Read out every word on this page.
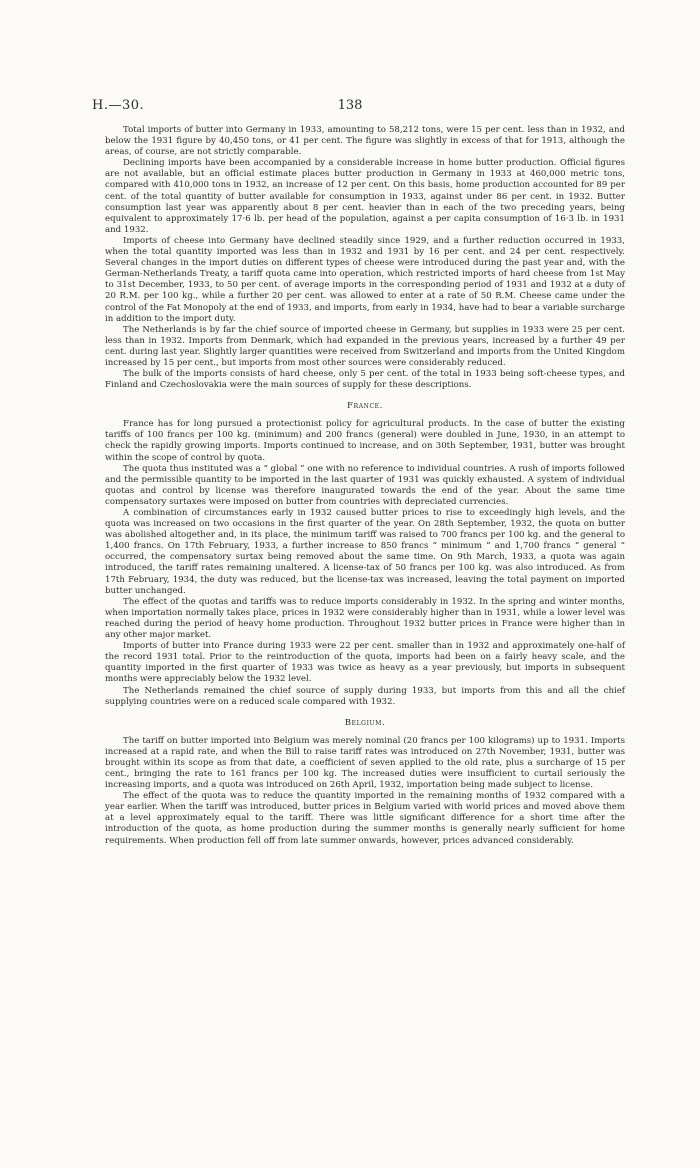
H.—30.	138

Total imports of butter into Germany in 1933, amounting to 58,212 tons, were 15 per cent. less than in 1932, and below the 1931 figure by 40,450 tons, or 41 per cent. The figure was slightly in excess of that for 1913, although the areas, of course, are not strictly comparable.

Declining imports have been accompanied by a considerable increase in home butter production. Official figures are not available, but an official estimate places butter production in Germany in 1933 at 460,000 metric tons, compared with 410,000 tons in 1932, an increase of 12 per cent. On this basis, home production accounted for 89 per cent. of the total quantity of butter available for consumption in 1933, against under 86 per cent. in 1932. Butter consumption last year was apparently about 8 per cent. heavier than in each of the two preceding years, being equivalent to approximately 17·6 lb. per head of the population, against a per capita consumption of 16·3 lb. in 1931 and 1932.

Imports of cheese into Germany have declined steadily since 1929, and a further reduction occurred in 1933, when the total quantity imported was less than in 1932 and 1931 by 16 per cent. and 24 per cent. respectively. Several changes in the import duties on different types of cheese were introduced during the past year and, with the German-Netherlands Treaty, a tariff quota came into operation, which restricted imports of hard cheese from 1st May to 31st December, 1933, to 50 per cent. of average imports in the corresponding period of 1931 and 1932 at a duty of 20 R.M. per 100 kg., while a further 20 per cent. was allowed to enter at a rate of 50 R.M. Cheese came under the control of the Fat Monopoly at the end of 1933, and imports, from early in 1934, have had to bear a variable surcharge in addition to the import duty.

The Netherlands is by far the chief source of imported cheese in Germany, but supplies in 1933 were 25 per cent. less than in 1932. Imports from Denmark, which had expanded in the previous years, increased by a further 49 per cent. during last year. Slightly larger quantities were received from Switzerland and imports from the United Kingdom increased by 15 per cent., but imports from most other sources were considerably reduced.

The bulk of the imports consists of hard cheese, only 5 per cent. of the total in 1933 being soft-cheese types, and Finland and Czechoslovakia were the main sources of supply for these descriptions.

France.

France has for long pursued a protectionist policy for agricultural products. In the case of butter the existing tariffs of 100 francs per 100 kg. (minimum) and 200 francs (general) were doubled in June, 1930, in an attempt to check the rapidly growing imports. Imports continued to increase, and on 30th September, 1931, butter was brought within the scope of control by quota.

The quota thus instituted was a “ global ” one with no reference to individual countries. A rush of imports followed and the permissible quantity to be imported in the last quarter of 1931 was quickly exhausted. A system of individual quotas and control by license was therefore inaugurated towards the end of the year. About the same time compensatory surtaxes were imposed on butter from countries with depreciated currencies.

A combination of circumstances early in 1932 caused butter prices to rise to exceedingly high levels, and the quota was increased on two occasions in the first quarter of the year. On 28th September, 1932, the quota on butter was abolished altogether and, in its place, the minimum tariff was raised to 700 francs per 100 kg. and the general to 1,400 francs. On 17th February, 1933, a further increase to 850 francs “ minimum ” and 1,700 francs “ general ” occurred, the compensatory surtax being removed about the same time. On 9th March, 1933, a quota was again introduced, the tariff rates remaining unaltered. A license-tax of 50 francs per 100 kg. was also introduced. As from 17th February, 1934, the duty was reduced, but the license-tax was increased, leaving the total payment on imported butter unchanged.

The effect of the quotas and tariffs was to reduce imports considerably in 1932. In the spring and winter months, when importation normally takes place, prices in 1932 were considerably higher than in 1931, while a lower level was reached during the period of heavy home production. Throughout 1932 butter prices in France were higher than in any other major market.

Imports of butter into France during 1933 were 22 per cent. smaller than in 1932 and approximately one-half of the record 1931 total. Prior to the reintroduction of the quota, imports had been on a fairly heavy scale, and the quantity imported in the first quarter of 1933 was twice as heavy as a year previously, but imports in subsequent months were appreciably below the 1932 level.

The Netherlands remained the chief source of supply during 1933, but imports from this and all the chief supplying countries were on a reduced scale compared with 1932.

Belgium.

The tariff on butter imported into Belgium was merely nominal (20 francs per 100 kilograms) up to 1931. Imports increased at a rapid rate, and when the Bill to raise tariff rates was introduced on 27th November, 1931, butter was brought within its scope as from that date, a coefficient of seven applied to the old rate, plus a surcharge of 15 per cent., bringing the rate to 161 francs per 100 kg. The increased duties were insufficient to curtail seriously the increasing imports, and a quota was introduced on 26th April, 1932, importation being made subject to license.

The effect of the quota was to reduce the quantity imported in the remaining months of 1932 compared with a year earlier. When the tariff was introduced, butter prices in Belgium varied with world prices and moved above them at a level approximately equal to the tariff. There was little significant difference for a short time after the introduction of the quota, as home production during the summer months is generally nearly sufficient for home requirements. When production fell off from late summer onwards, however, prices advanced considerably.
